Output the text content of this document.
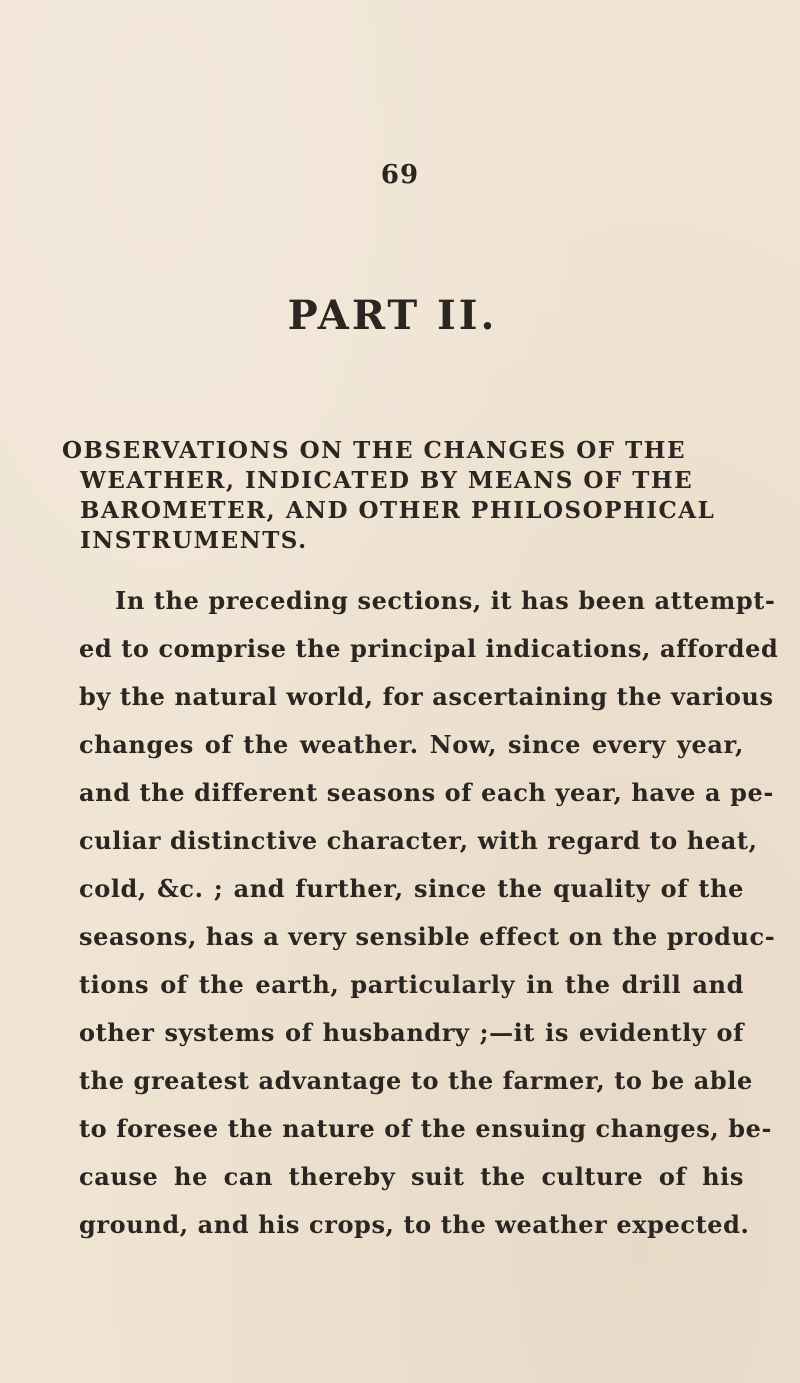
69
PART II.
OBSERVATIONS ON THE CHANGES OF THE
WEATHER, INDICATED BY MEANS OF THE
BAROMETER, AND OTHER PHILOSOPHICAL
INSTRUMENTS.
In the preceding sections, it has been attempt-
ed to comprise the principal indications, afforded
by the natural world, for ascertaining the various
changes of the weather. Now, since every year,
and the different seasons of each year, have a pe-
culiar distinctive character, with regard to heat,
cold, &c. ; and further, since the quality of the
seasons, has a very sensible effect on the produc-
tions of the earth, particularly in the drill and
other systems of husbandry ;—it is evidently of
the greatest advantage to the farmer, to be able
to foresee the nature of the ensuing changes, be-
cause he can thereby suit the culture of his
ground, and his crops, to the weather expected.
